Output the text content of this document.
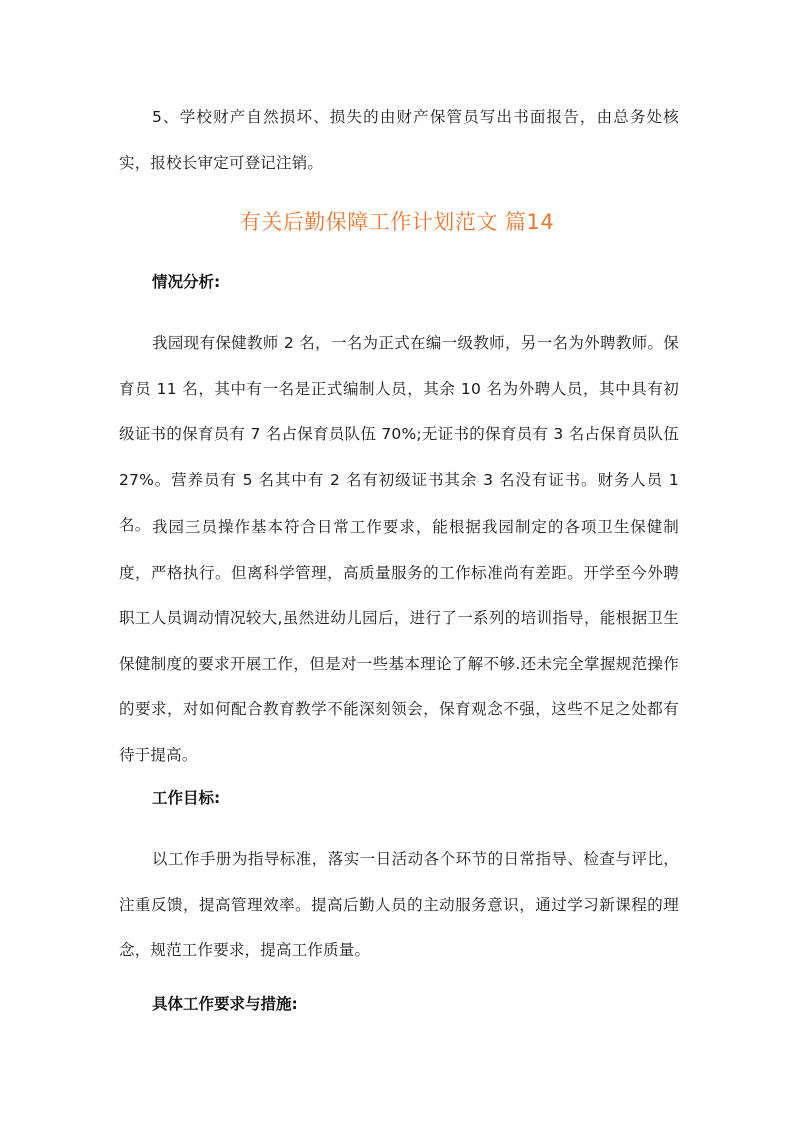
5、学校财产自然损坏、损失的由财产保管员写出书面报告，由总务处核实，报校长审定可登记注销。

有关后勤保障工作计划范文 篇14
情况分析:

我园现有保健教师 2 名，一名为正式在编一级教师，另一名为外聘教师。保育员 11 名，其中有一名是正式编制人员，其余 10 名为外聘人员，其中具有初级证书的保育员有 7 名占保育员队伍 70%;无证书的保育员有 3 名占保育员队伍 27%。营养员有 5 名其中有 2 名有初级证书其余 3 名没有证书。财务人员 1 名。 我园三员操作基本符合日常工作要求，能根据我园制定的各项卫生保健制度，严格执行。但离科学管理，高质量服务的工作标准尚有差距。开学至今外聘职工人员调动情况较大,虽然进幼儿园后，进行了一系列的培训指导，能根据卫生保健制度的要求开展工作，但是对一些基本理论了解不够.还未完全掌握规范操作的要求，对如何配合教育教学不能深刻领会，保育观念不强，这些不足之处都有待于提高。

工作目标:

以工作手册为指导标准，落实一日活动各个环节的日常指导、检查与评比，注重反馈，提高管理效率。提高后勤人员的主动服务意识，通过学习新课程的理念，规范工作要求，提高工作质量。

具体工作要求与措施:
